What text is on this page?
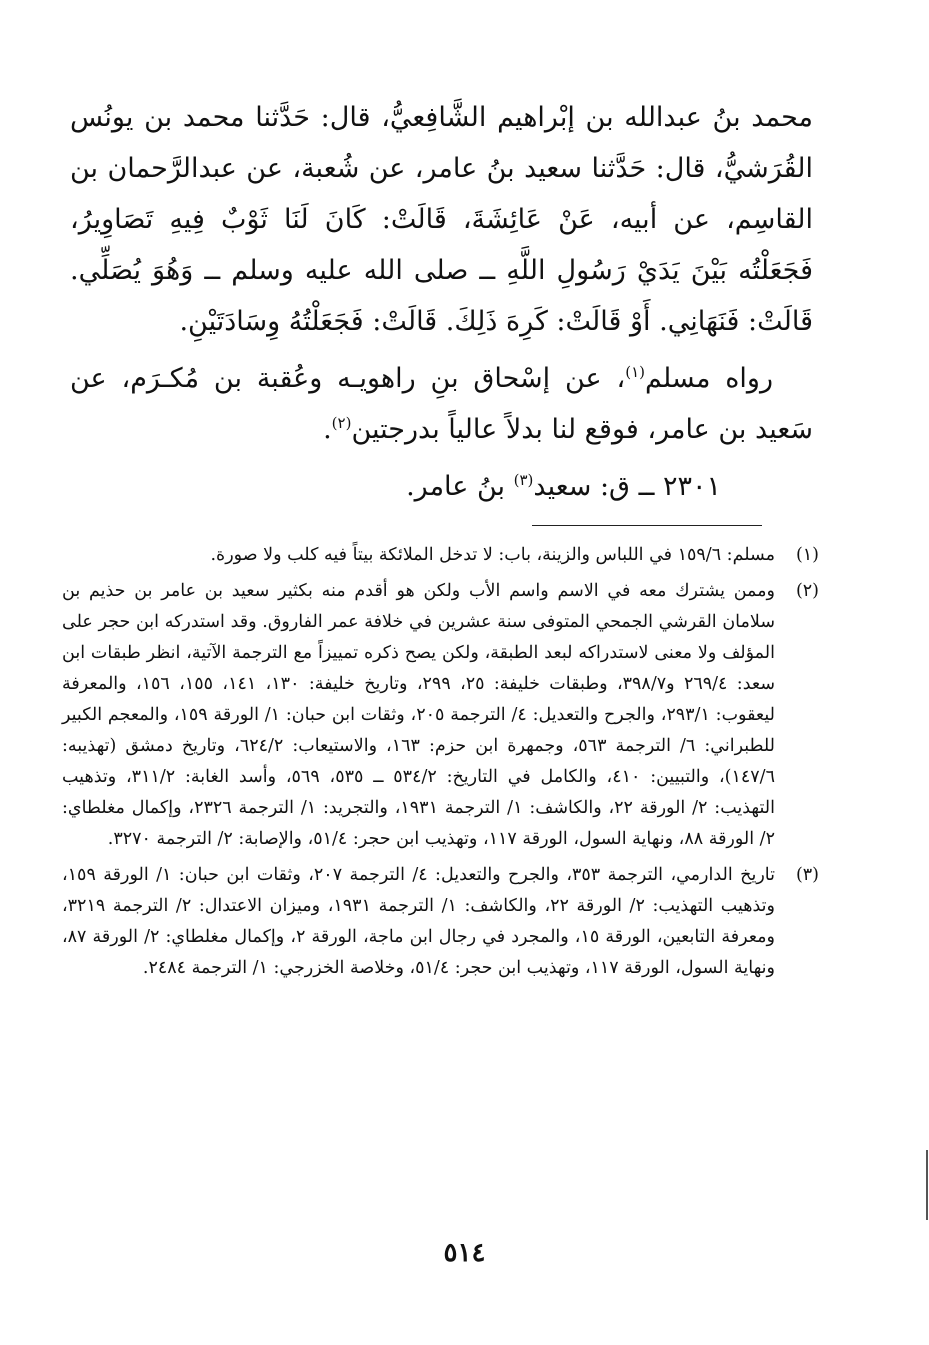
محمد بنُ عبدالله بن إبْراهيم الشَّافِعيُّ، قال: حَدَّثنا محمد بن يونُس القُرَشيُّ، قال: حَدَّثنا سعيد بنُ عامر، عن شُعبة، عن عبدالرَّحمان بن القاسِم، عن أبيه، عَنْ عَائِشَةَ، قَالَتْ: كَانَ لَنَا ثَوْبٌ فِيهِ تَصَاوِيرُ، فَجَعَلْتُه بَيْنَ يَدَيْ رَسُولِ اللَّهِ ــ صلى الله عليه وسلم ــ وَهُوَ يُصَلِّي. قَالَتْ: فَنَهَانِي. أَوْ قَالَتْ: كَرِهَ ذَلِكَ. قَالَتْ: فَجَعَلْتُهُ وِسَادَتَيْنِ.

رواه مسلم$^{(١)}$، عن إسْحاق بنِ راهويـه وعُقبة بن مُكـرَم، عن سَعيد بن عامر، فوقع لنا بدلاً عالياً بدرجتين$^{(٢)}$.

٢٣٠١ ــ ق: سعيد$^{(٣)}$ بنُ عامر.
(١)
مسلم: ١٥٩/٦ في اللباس والزينة، باب: لا تدخل الملائكة بيتاً فيه كلب ولا صورة.
(٢)
وممن يشترك معه في الاسم واسم الأب ولكن هو أقدم منه بكثير سعيد بن عامر بن حذيم بن سلامان القرشي الجمحي المتوفى سنة عشرين في خلافة عمر الفاروق. وقد استدركه ابن حجر على المؤلف ولا معنى لاستدراكه لبعد الطبقة، ولكن يصح ذكره تمييزاً مع الترجمة الآتية، انظر طبقات ابن سعد: ٢٦٩/٤ و٣٩٨/٧، وطبقات خليفة: ٢٥، ٢٩٩، وتاريخ خليفة: ١٣٠، ١٤١، ١٥٥، ١٥٦، والمعرفة ليعقوب: ٢٩٣/١، والجرح والتعديل: ٤/ الترجمة ٢٠٥، وثقات ابن حبان: ١/ الورقة ١٥٩، والمعجم الكبير للطبراني: ٦/ الترجمة ٥٦٣، وجمهرة ابن حزم: ١٦٣، والاستيعاب: ٦٢٤/٢، وتاريخ دمشق (تهذيبه: ١٤٧/٦)، والتبيين: ٤١٠، والكامل في التاريخ: ٥٣٤/٢ ــ ٥٣٥، ٥٦٩، وأسد الغابة: ٣١١/٢، وتذهيب التهذيب: ٢/ الورقة ٢٢، والكاشف: ١/ الترجمة ١٩٣١، والتجريد: ١/ الترجمة ٢٣٢٦، وإكمال مغلطاي: ٢/ الورقة ٨٨، ونهاية السول، الورقة ١١٧، وتهذيب ابن حجر: ٥١/٤، والإصابة: ٢/ الترجمة ٣٢٧٠.
(٣)
تاريخ الدارمي، الترجمة ٣٥٣، والجرح والتعديل: ٤/ الترجمة ٢٠٧، وثقات ابن حبان: ١/ الورقة ١٥٩، وتذهيب التهذيب: ٢/ الورقة ٢٢، والكاشف: ١/ الترجمة ١٩٣١، وميزان الاعتدال: ٢/ الترجمة ٣٢١٩، ومعرفة التابعين، الورقة ١٥، والمجرد في رجال ابن ماجة، الورقة ٢، وإكمال مغلطاي: ٢/ الورقة ٨٧، ونهاية السول، الورقة ١١٧، وتهذيب ابن حجر: ٥١/٤، وخلاصة الخزرجي: ١/ الترجمة ٢٤٨٤.
٥١٤
